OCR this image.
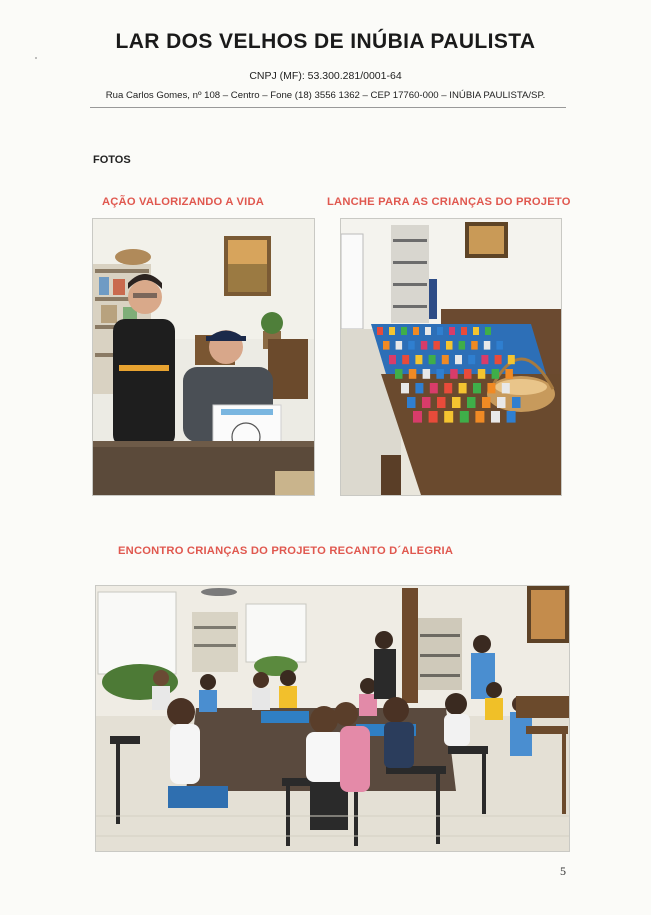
LAR DOS VELHOS DE INÚBIA PAULISTA
CNPJ (MF): 53.300.281/0001-64
Rua Carlos Gomes, nº 108 – Centro – Fone (18) 3556 1362 – CEP 17760-000 – INÚBIA PAULISTA/SP.
FOTOS
AÇÃO VALORIZANDO A VIDA	LANCHE PARA AS CRIANÇAS DO PROJETO
ENCONTRO CRIANÇAS DO PROJETO RECANTO D´ALEGRIA
5
